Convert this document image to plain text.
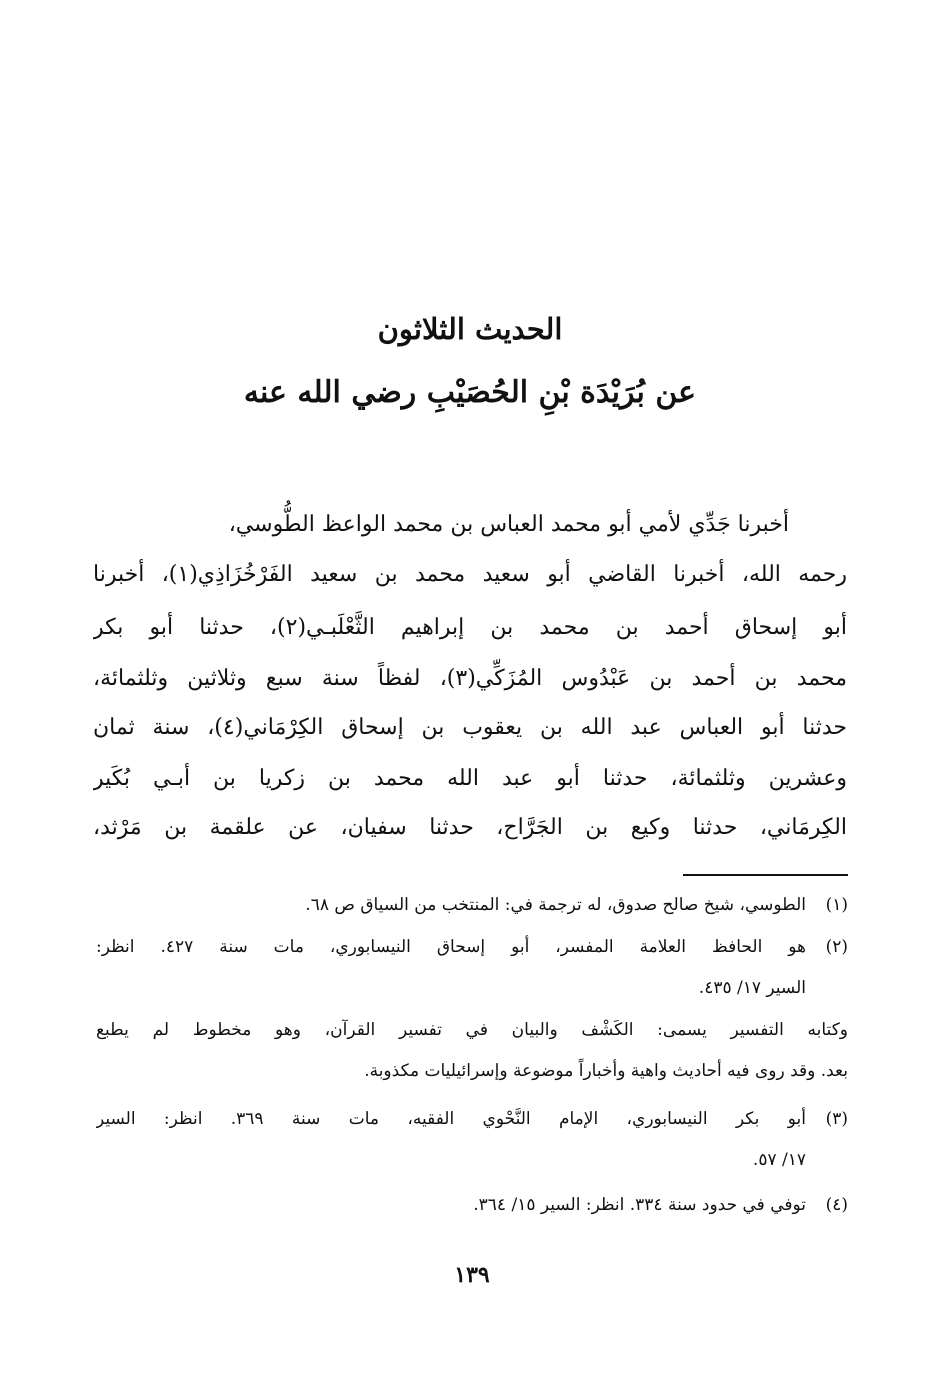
الحديث الثلاثون
عن بُرَيْدَة بْنِ الحُصَيْبِ رضي الله عنه
أخبرنا جَدِّي لأمي أبو محمد العباس بن محمد الواعظ الطُّوسي،
رحمه الله، أخبرنا القاضي أبو سعيد محمد بن سعيد الفَرْخُزَاذِي(١)، أخبرنا
أبو إسحاق أحمد بن محمد بن إبراهيم الثَّعْلَبـي(٢)، حدثنا أبو بكر
محمد بن أحمد بن عَبْدُوس المُزَكِّي(٣)، لفظاً سنة سبع وثلاثين وثلثمائة،
حدثنا أبو العباس عبد الله بن يعقوب بن إسحاق الكِرْمَاني(٤)، سنة ثمان
وعشرين وثلثمائة، حدثنا أبو عبد الله محمد بن زكريا بن أبـي بُكَير
الكِرمَاني، حدثنا وكيع بن الجَرَّاح، حدثنا سفيان، عن علقمة بن مَرْثد،
(١)
الطوسي، شيخ صالح صدوق، له ترجمة في: المنتخب من السياق ص ٦٨.
(٢)
هو الحافظ العلامة المفسر، أبو إسحاق النيسابوري، مات سنة ٤٢٧. انظر:
السير ١٧/ ٤٣٥.
وكتابه التفسير يسمى: الكَشْف والبيان في تفسير القرآن، وهو مخطوط لم يطبع
بعد. وقد روى فيه أحاديث واهية وأخباراً موضوعة وإسرائيليات مكذوبة.
(٣)
أبو بكر النيسابوري، الإمام النَّحْوي الفقيه، مات سنة ٣٦٩. انظر: السير
١٧/ ٥٧.
(٤)
توفي في حدود سنة ٣٣٤. انظر: السير ١٥/ ٣٦٤.
١٣٩
